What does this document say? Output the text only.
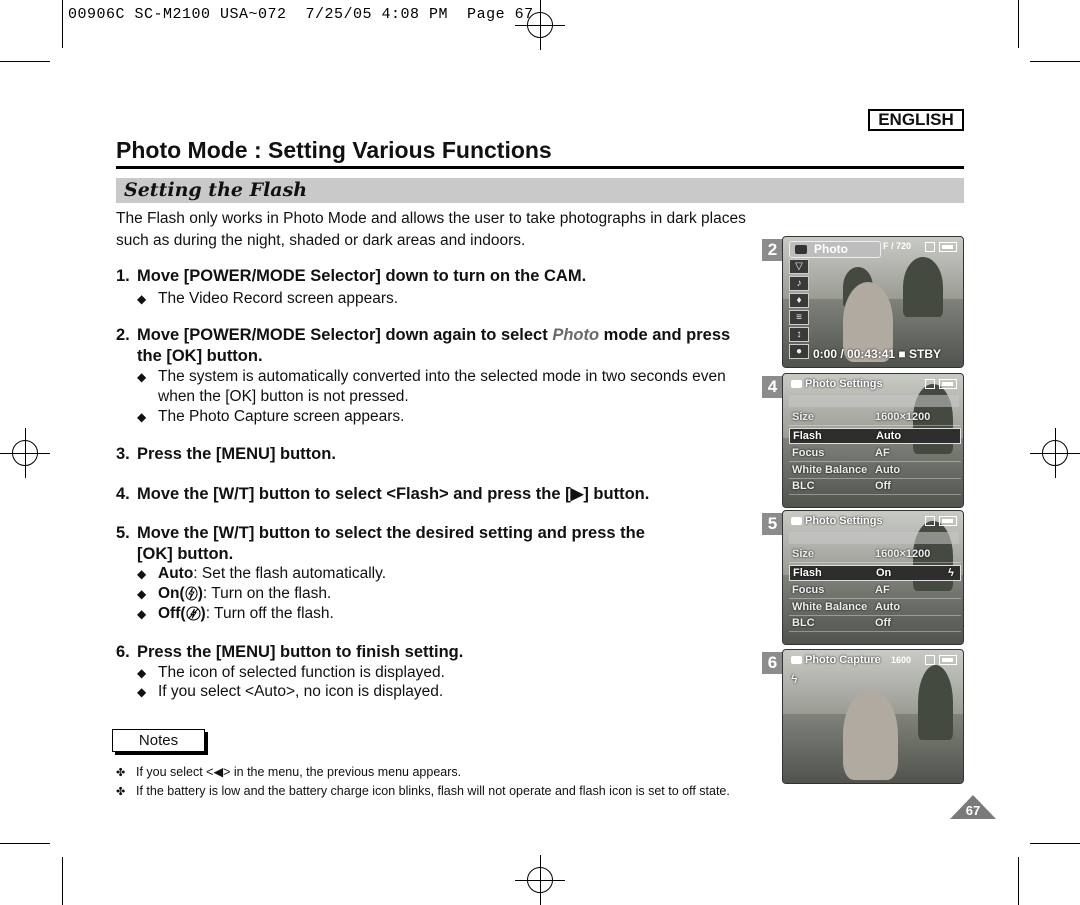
00906C SC-M2100 USA~072  7/25/05 4:08 PM  Page 67
ENGLISH
Photo Mode : Setting Various Functions
Setting the Flash
The Flash only works in Photo Mode and allows the user to take photographs in dark places such as during the night, shaded or dark areas and indoors.
1. Move [POWER/MODE Selector] down to turn on the CAM.
◆ The Video Record screen appears.
2. Move [POWER/MODE Selector] down again to select Photo mode and press
the [OK] button.
◆ The system is automatically converted into the selected mode in two seconds even
when the [OK] button is not pressed.
◆ The Photo Capture screen appears.
3. Press the [MENU] button.
4. Move the [W/T] button to select <Flash> and press the [▶] button.
5. Move the [W/T] button to select the desired setting and press the
[OK] button.
◆ Auto: Set the flash automatically.
◆ On( ): Turn on the flash.
◆ Off( ): Turn off the flash.
6. Press the [MENU] button to finish setting.
◆ The icon of selected function is displayed.
◆ If you select <Auto>, no icon is displayed.
Notes
✤ If you select <◀> in the menu, the previous menu appears.
✤ If the battery is low and the battery charge icon blinks, flash will not operate and flash icon is set to off state.
2	Photo
▽
♪
♦
≡
↕
●
F / 720
0:00 / 00:43:41 ■ STBY
4	Photo Settings
Size	1600×1200
Flash	Auto
Focus	AF
White Balance Auto
BLC	Off
5	Photo Settings
Size	1600×1200
Flash	On	ϟ
Focus	AF
White Balance Auto
BLC	Off
6	Photo Capture 1600
ϟ
67
